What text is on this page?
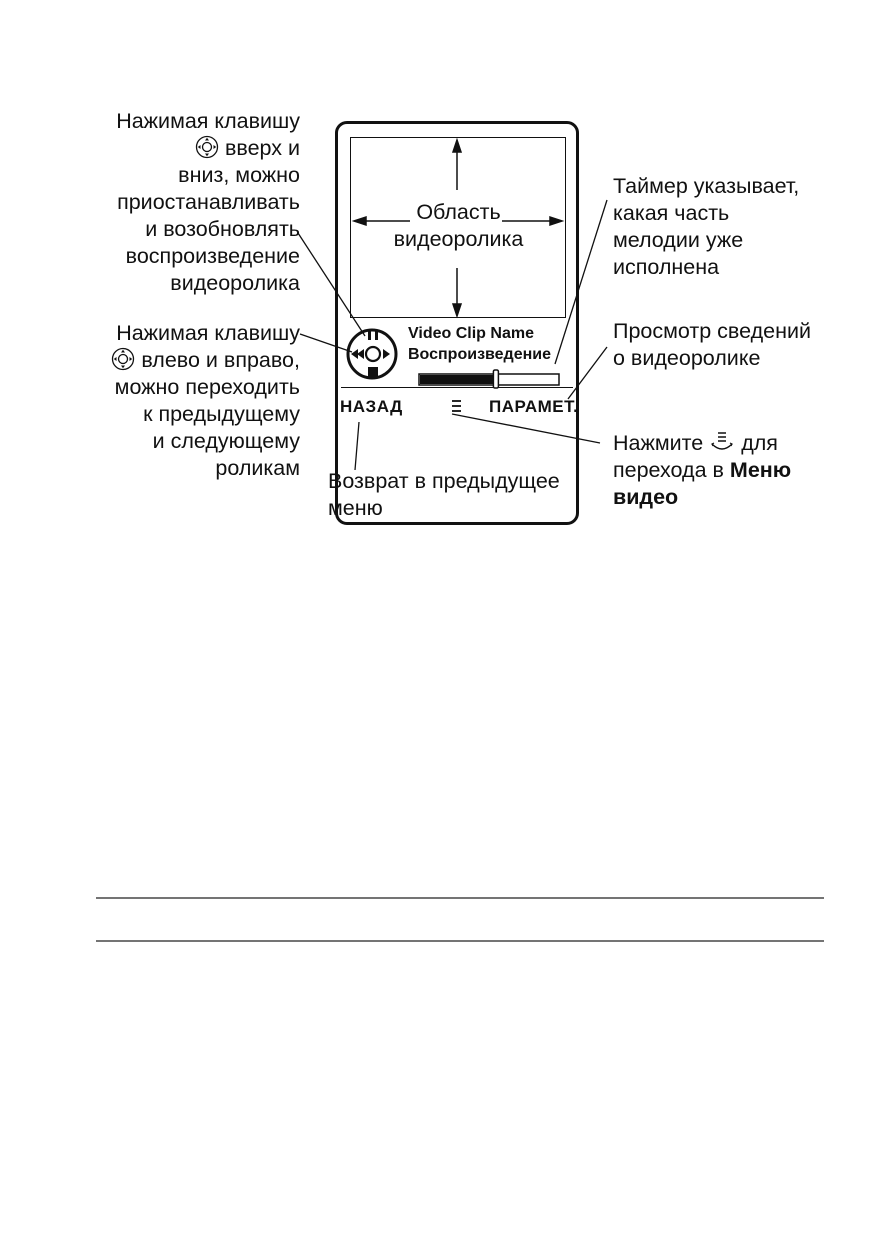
Нажимая клавишу
вверх и
вниз, можно
приостанавливать
и возобновлять
воспроизведение
видеоролика
Нажимая клавишу
влево и вправо,
можно переходить
к предыдущему
и следующему
роликам
Таймер указывает,
какая часть
мелодии уже
исполнена
Просмотр сведений
о видеоролике
Нажмите для
перехода в Меню
видео
Возврат в предыдущее
меню
Область
видеоролика
Video Clip Name
Воспроизведение
НАЗАД	ПАРАМЕТ.
